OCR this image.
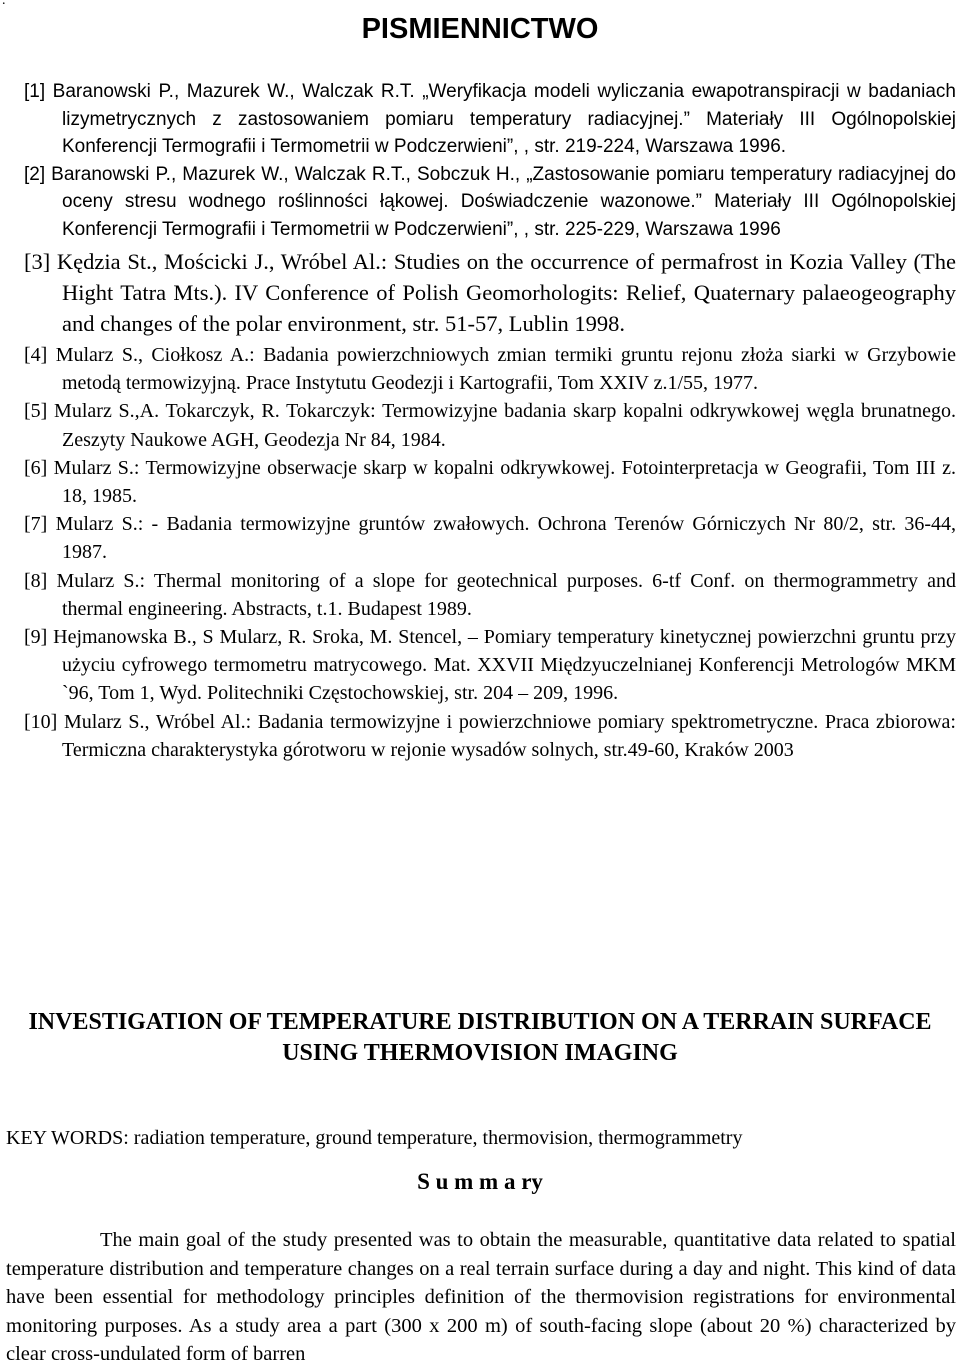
.
PISMIENNICTWO
[1] Baranowski P., Mazurek W., Walczak R.T. „Weryfikacja modeli wyliczania ewapotranspiracji w badaniach lizymetrycznych z zastosowaniem pomiaru temperatury radiacyjnej.” Materiały III Ogólnopolskiej Konferencji Termografii i Termometrii w Podczerwieni”, , str. 219-224, Warszawa 1996.
[2] Baranowski P., Mazurek W., Walczak R.T., Sobczuk H., „Zastosowanie pomiaru temperatury radiacyjnej do oceny stresu wodnego roślinności łąkowej. Doświadczenie wazonowe.” Materiały III Ogólnopolskiej Konferencji Termografii i Termometrii w Podczerwieni”, , str. 225-229, Warszawa 1996
[3] Kędzia St., Mościcki J., Wróbel Al.: Studies on the occurrence of permafrost in Kozia Valley (The Hight Tatra Mts.). IV Conference of Polish Geomorhologits: Relief, Quaternary palaeogeography and changes of the polar environment, str. 51-57, Lublin 1998.
[4] Mularz S., Ciołkosz A.: Badania powierzchniowych zmian termiki gruntu rejonu złoża siarki w Grzybowie metodą termowizyjną. Prace Instytutu Geodezji i Kartografii, Tom XXIV z.1/55, 1977.
[5] Mularz S.,A. Tokarczyk, R. Tokarczyk: Termowizyjne badania skarp kopalni odkrywkowej węgla brunatnego. Zeszyty Naukowe AGH, Geodezja Nr 84, 1984.
[6] Mularz S.: Termowizyjne obserwacje skarp w kopalni odkrywkowej. Fotointerpretacja w Geografii, Tom III z. 18, 1985.
[7] Mularz S.: - Badania termowizyjne gruntów zwałowych. Ochrona Terenów Górniczych Nr 80/2, str. 36-44, 1987.
[8] Mularz S.: Thermal monitoring of a slope for geotechnical purposes. 6-tf Conf. on thermogrammetry and thermal engineering. Abstracts, t.1. Budapest 1989.
[9] Hejmanowska B., S Mularz, R. Sroka, M. Stencel, – Pomiary temperatury kinetycznej powierzchni gruntu przy użyciu cyfrowego termometru matrycowego. Mat. XXVII Międzyuczelnianej Konferencji Metrologów MKM `96, Tom 1, Wyd. Politechniki Częstochowskiej, str. 204 – 209, 1996.
[10] Mularz S., Wróbel Al.: Badania termowizyjne i powierzchniowe pomiary spektrometryczne. Praca zbiorowa: Termiczna charakterystyka górotworu w rejonie wysadów solnych, str.49-60, Kraków 2003
INVESTIGATION OF TEMPERATURE DISTRIBUTION ON A TERRAIN SURFACE USING THERMOVISION IMAGING
KEY WORDS: radiation temperature, ground temperature, thermovision, thermogrammetry
S u m m a ry

The main goal of the study presented was to obtain the measurable, quantitative data related to spatial temperature distribution and temperature changes on a real terrain surface during a day and night. This kind of data have been essential for methodology principles definition of the thermovision registrations for environmental monitoring purposes. As a study area a part (300 x 200 m) of south-facing slope (about 20 %) characterized by clear cross-undulated form of barren
